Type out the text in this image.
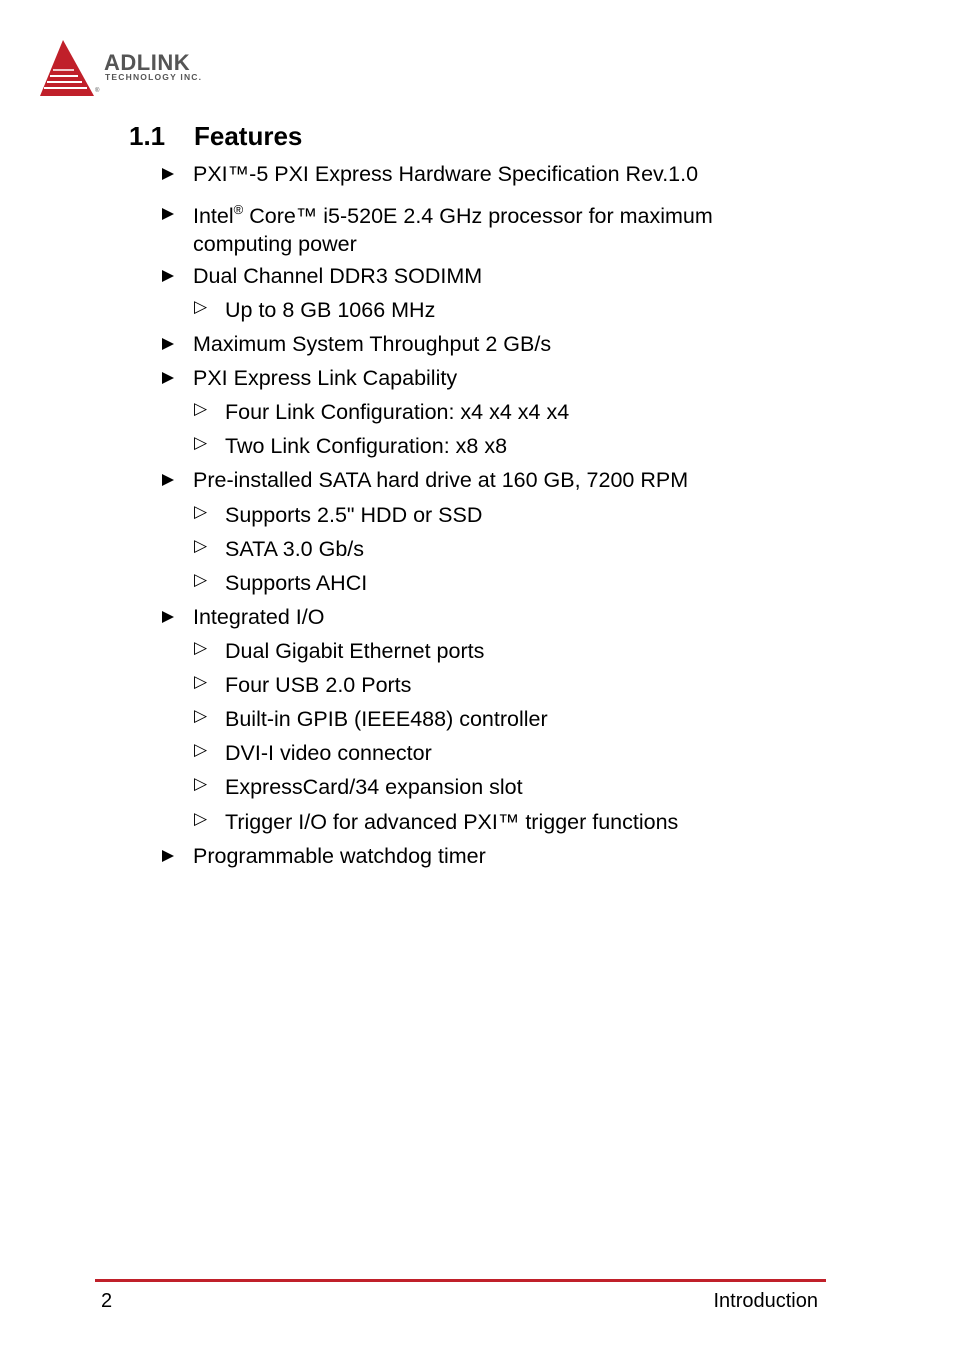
ADLINK
TECHNOLOGY INC.
®
1.1 Features
PXI™-5 PXI Express Hardware Specification Rev.1.0
Intel® Core™ i5-520E 2.4 GHz processor for maximum
computing power
Dual Channel DDR3 SODIMM
▷ Up to 8 GB 1066 MHz
Maximum System Throughput 2 GB/s
PXI Express Link Capability
▷ Four Link Configuration: x4 x4 x4 x4
▷ Two Link Configuration: x8 x8
Pre-installed SATA hard drive at 160 GB, 7200 RPM
▷ Supports 2.5" HDD or SSD
▷ SATA 3.0 Gb/s
▷ Supports AHCI
Integrated I/O
▷ Dual Gigabit Ethernet ports
▷ Four USB 2.0 Ports
▷ Built-in GPIB (IEEE488) controller
▷ DVI-I video connector
▷ ExpressCard/34 expansion slot
▷ Trigger I/O for advanced PXI™ trigger functions
Programmable watchdog timer
2	Introduction
